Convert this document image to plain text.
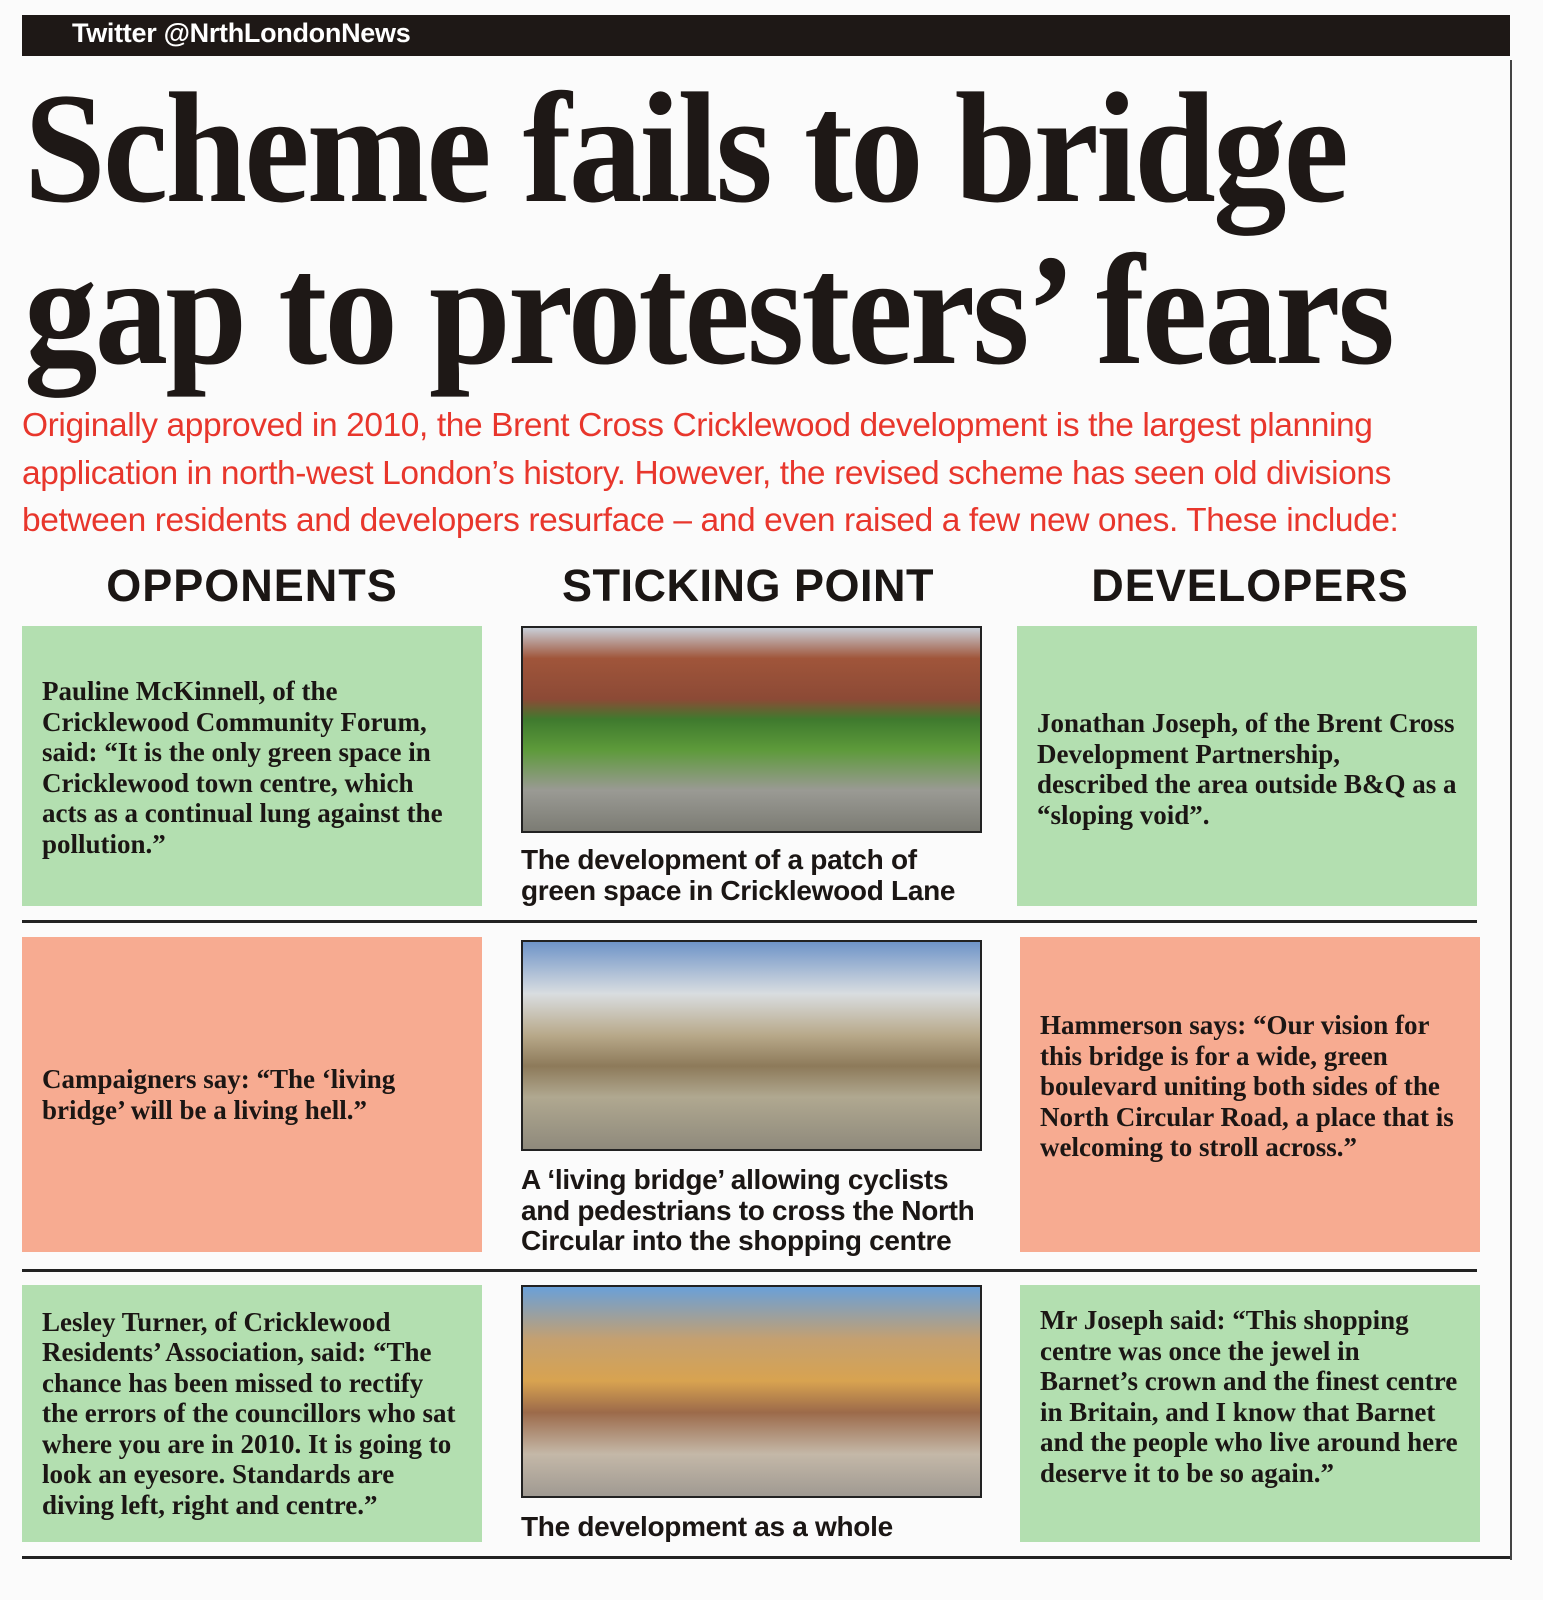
Twitter @NrthLondonNews
Scheme fails to bridge
gap to protesters’ fears
Originally approved in 2010, the Brent Cross Cricklewood development is the largest planning application in north-west London’s history. However, the revised scheme has seen old divisions between residents and developers resurface – and even raised a few new ones. These include:
OPPONENTS	STICKING POINT	DEVELOPERS
Pauline McKinnell, of the Cricklewood Community Forum, said: “It is the only green space in Cricklewood town centre, which acts as a continual lung against the pollution.”
The development of a patch of green space in Cricklewood Lane
Jonathan Joseph, of the Brent Cross Development Partnership, described the area outside B&Q as a “sloping void”.
Campaigners say: “The ‘living bridge’ will be a living hell.”
A ‘living bridge’ allowing cyclists and pedestrians to cross the North Circular into the shopping centre
Hammerson says: “Our vision for this bridge is for a wide, green boulevard uniting both sides of the North Circular Road, a place that is welcoming to stroll across.”
Lesley Turner, of Cricklewood Residents’ Association, said: “The chance has been missed to rectify the errors of the councillors who sat where you are in 2010. It is going to look an eyesore. Standards are diving left, right and centre.”
The development as a whole
Mr Joseph said: “This shopping centre was once the jewel in Barnet’s crown and the finest centre in Britain, and I know that Barnet and the people who live around here deserve it to be so again.”
